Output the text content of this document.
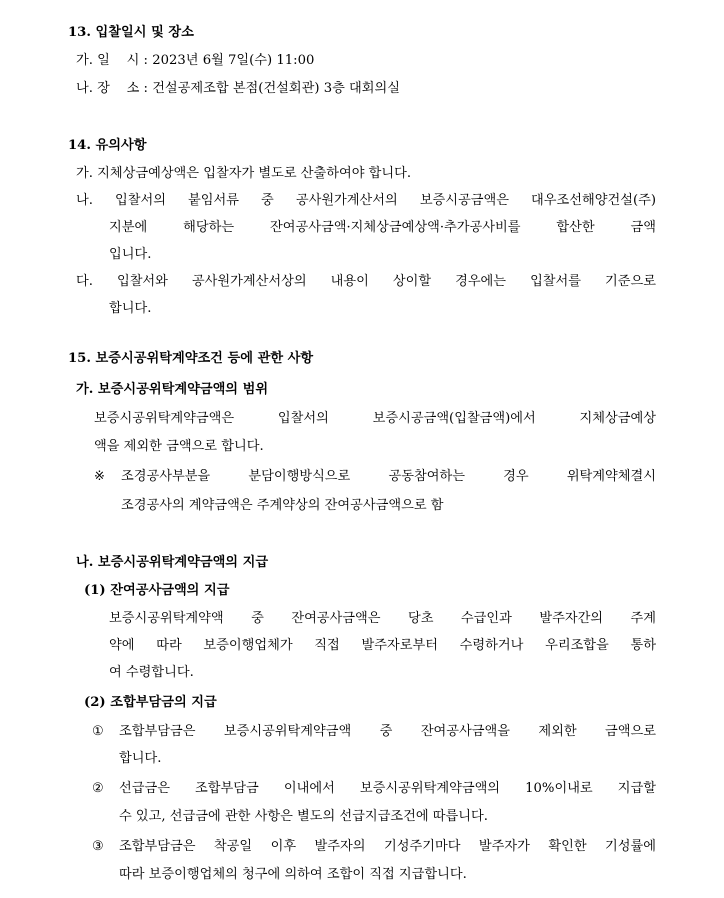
13. 입찰일시 및 장소
가. 일    시 : 2023년 6월 7일(수) 11:00
나. 장    소 : 건설공제조합 본점(건설회관) 3층 대회의실
14. 유의사항
가. 지체상금예상액은 입찰자가 별도로 산출하여야 합니다.
나. 입찰서의 붙임서류 중 공사원가계산서의 보증시공금액은 대우조선해양건설(주)
지분에 해당하는 잔여공사금액·지체상금예상액·추가공사비를 합산한 금액
입니다.
다. 입찰서와 공사원가계산서상의 내용이 상이할 경우에는 입찰서를 기준으로
합니다.
15. 보증시공위탁계약조건 등에 관한 사항
가. 보증시공위탁계약금액의 범위
보증시공위탁계약금액은 입찰서의 보증시공금액(입찰금액)에서 지체상금예상
액을 제외한 금액으로 합니다.
※ 조경공사부분을 분담이행방식으로 공동참여하는 경우 위탁계약체결시
조경공사의 계약금액은 주계약상의 잔여공사금액으로 함
나. 보증시공위탁계약금액의 지급
(1) 잔여공사금액의 지급
보증시공위탁계약액 중 잔여공사금액은 당초 수급인과 발주자간의 주계
약에 따라 보증이행업체가 직접 발주자로부터 수령하거나 우리조합을 통하
여 수령합니다.
(2) 조합부담금의 지급
① 조합부담금은 보증시공위탁계약금액 중 잔여공사금액을 제외한 금액으로
합니다.
② 선급금은 조합부담금 이내에서 보증시공위탁계약금액의 10%이내로 지급할
수 있고, 선급금에 관한 사항은 별도의 선급지급조건에 따릅니다.
③ 조합부담금은 착공일 이후 발주자의 기성주기마다 발주자가 확인한 기성률에
따라 보증이행업체의 청구에 의하여 조합이 직접 지급합니다.
